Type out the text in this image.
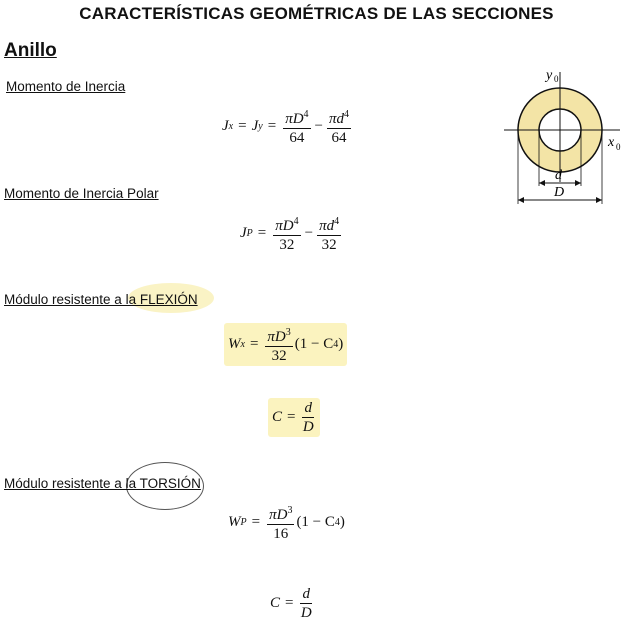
CARACTERÍSTICAS GEOMÉTRICAS DE LAS SECCIONES
Anillo
Momento de Inercia
J x = J $y = \frac{\pi D^4}{64} - \frac{\pi d^4}{64}$
y 0
x 0
d
D
Momento de Inercia Polar
J $P = \frac{\pi D^4}{32} - \frac{\pi d^4}{32}$
Módulo resistente a la FLEXIÓN
W $x = \frac{\pi D^3}{32} (1 - C$ 4 )
$C = \frac{d}{D}$
Módulo resistente a la TORSIÓN
W $P = \frac{\pi D^3}{16} (1 - C$ 4 )
$C = \frac{d}{D}$
